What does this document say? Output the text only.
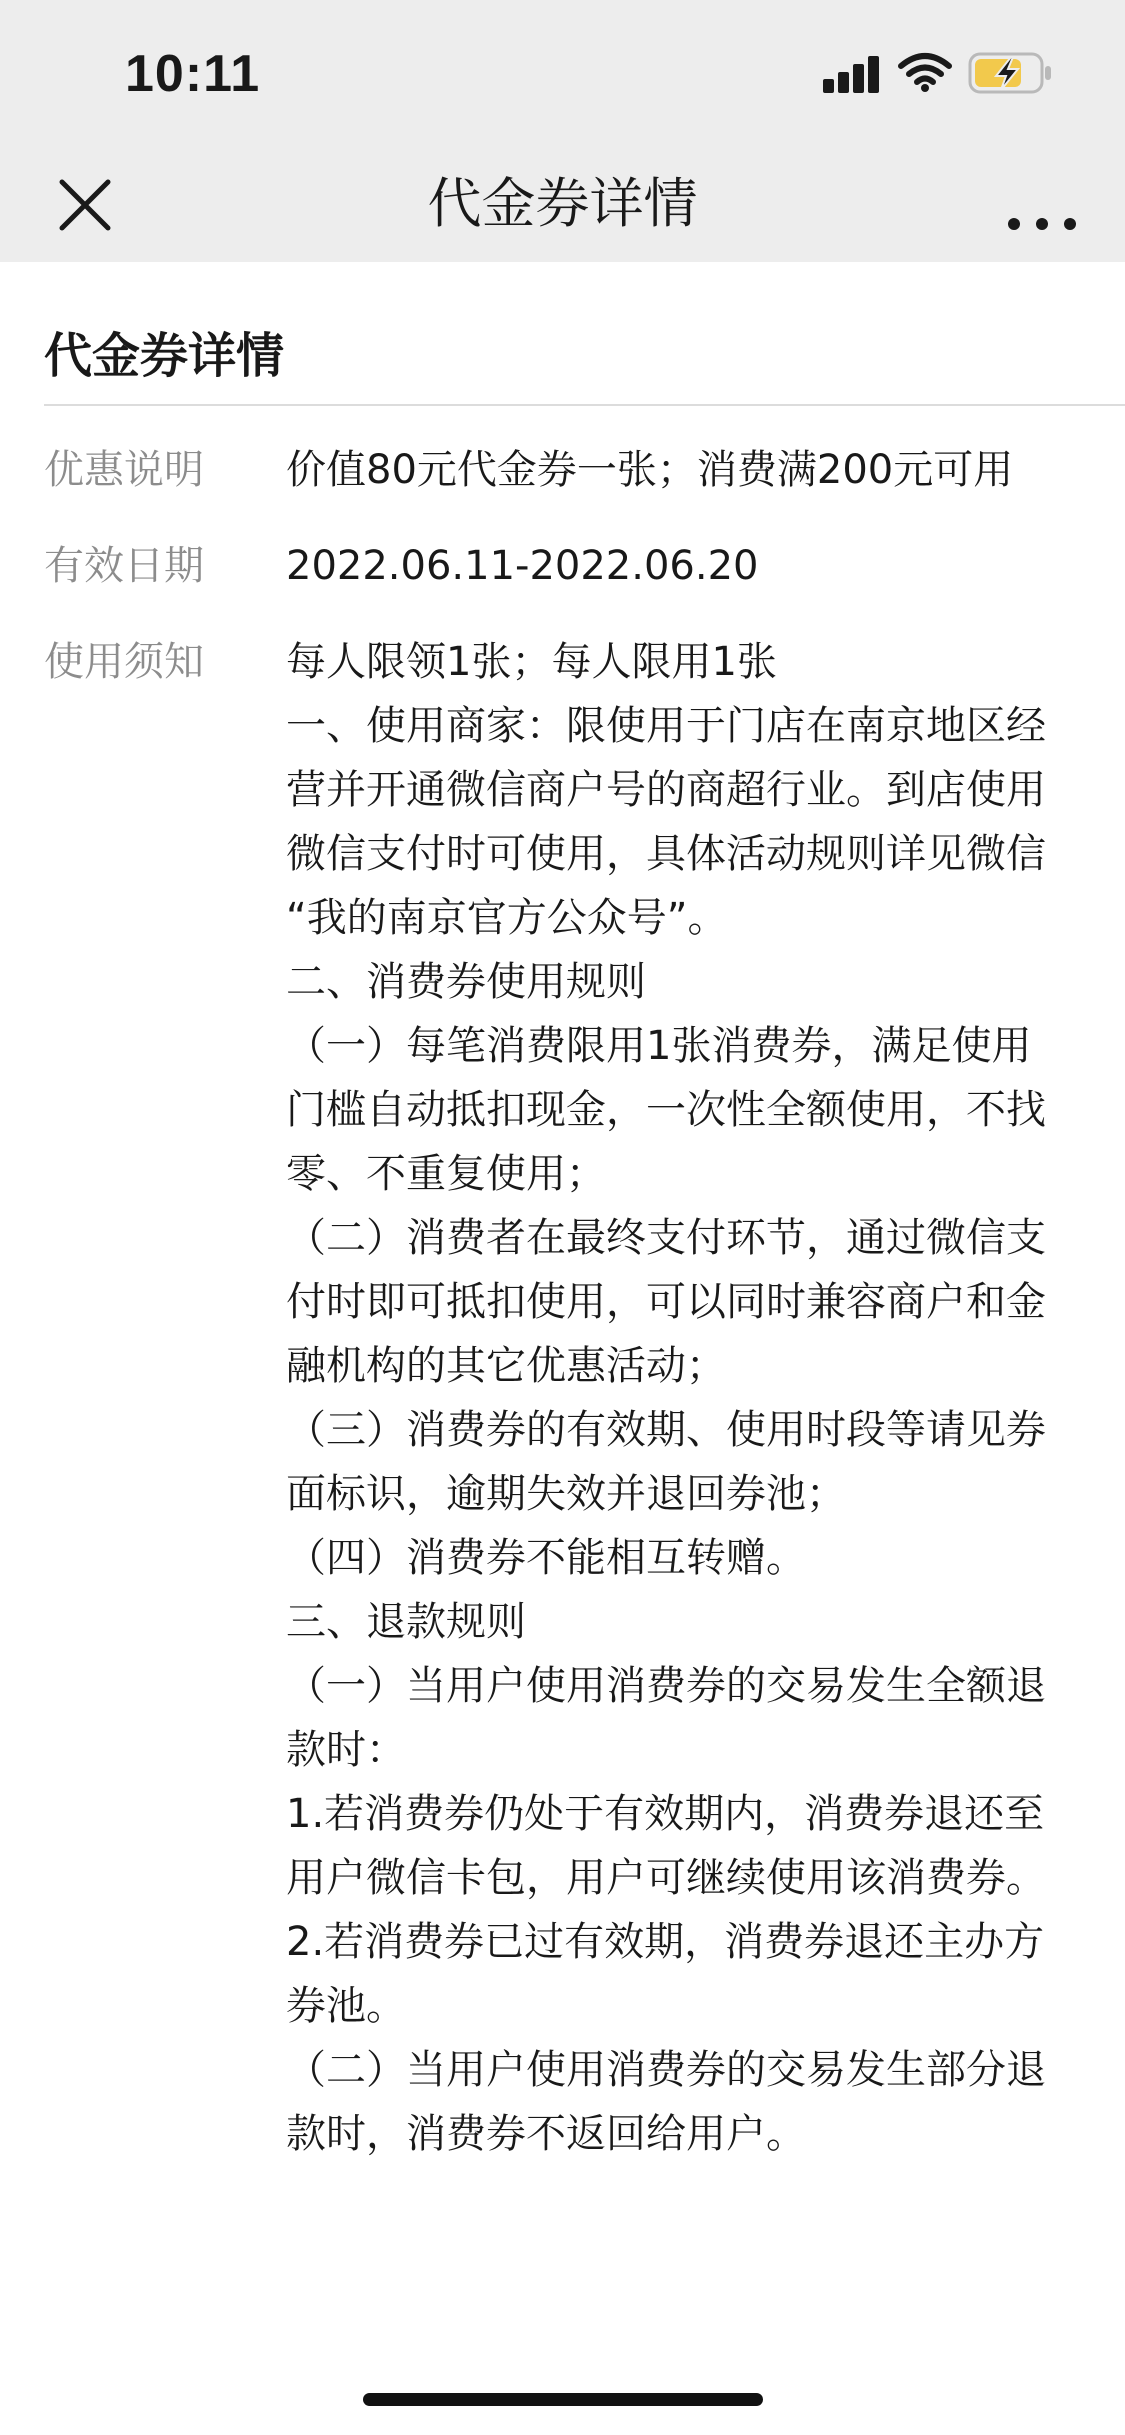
10:11
代金券详情
代金券详情
优惠说明 价值80元代金券一张；消费满200元可用
有效日期 2022.06.11-2022.06.20
使用须知 每人限领1张；每人限用1张
一、使用商家：限使用于门店在南京地区经
营并开通微信商户号的商超行业。到店使用
微信支付时可使用，具体活动规则详见微信
“我的南京官方公众号”。
二、消费券使用规则
（一）每笔消费限用1张消费券，满足使用
门槛自动抵扣现金，一次性全额使用，不找
零、不重复使用；
（二）消费者在最终支付环节，通过微信支
付时即可抵扣使用，可以同时兼容商户和金
融机构的其它优惠活动；
（三）消费券的有效期、使用时段等请见券
面标识，逾期失效并退回券池；
（四）消费券不能相互转赠。
三、退款规则
（一）当用户使用消费券的交易发生全额退
款时：
1.若消费券仍处于有效期内，消费券退还至
用户微信卡包，用户可继续使用该消费券。
2.若消费券已过有效期，消费券退还主办方
券池。
（二）当用户使用消费券的交易发生部分退
款时，消费券不返回给用户。
